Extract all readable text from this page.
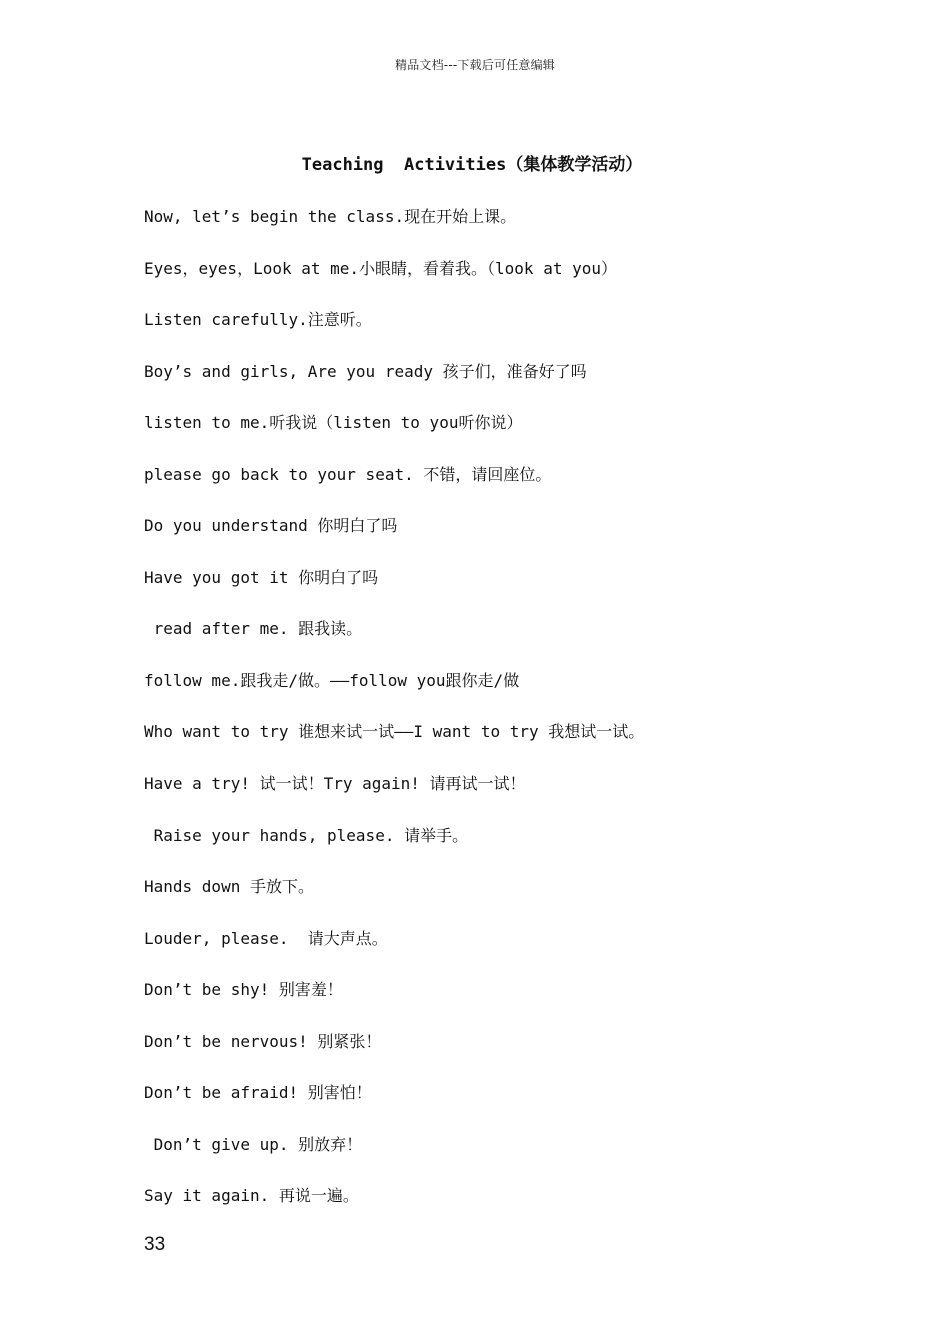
精品文档---下载后可任意编辑
Teaching  Activities（集体教学活动）
Now, let’s begin the class.现在开始上课。
Eyes，eyes，Look at me.小眼睛，看着我。（look at you）
Listen carefully.注意听。
Boy’s and girls, Are you ready 孩子们，准备好了吗
listen to me.听我说（listen to you听你说）
please go back to your seat. 不错，请回座位。
Do you understand 你明白了吗
Have you got it 你明白了吗
read after me. 跟我读。
follow me.跟我走/做。——follow you跟你走/做
Who want to try 谁想来试一试——I want to try 我想试一试。
Have a try! 试一试！Try again! 请再试一试！
Raise your hands, please. 请举手。
Hands down 手放下。
Louder, please.  请大声点。
Don’t be shy! 别害羞！
Don’t be nervous! 别紧张！
Don’t be afraid! 别害怕！
Don’t give up. 别放弃！
Say it again. 再说一遍。
33
